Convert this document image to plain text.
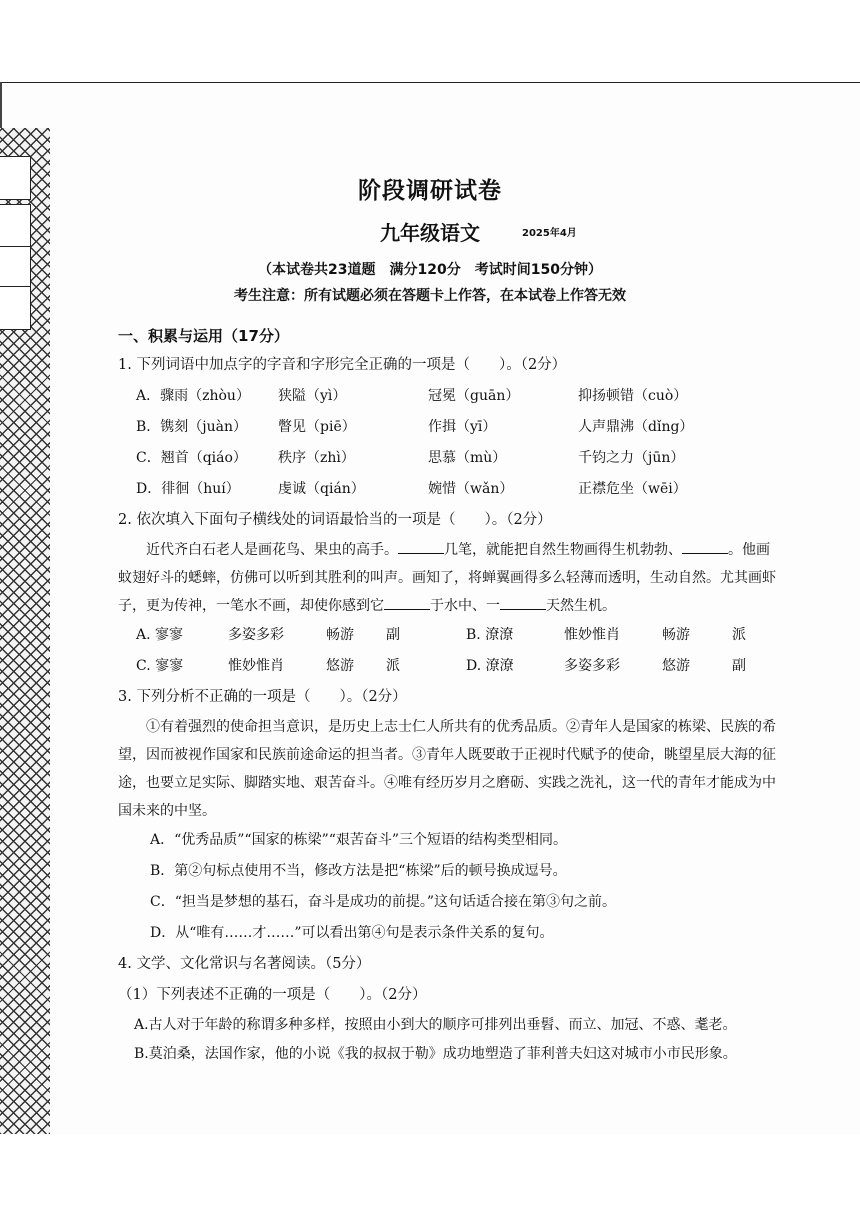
阶段调研试卷
九年级语文	2025年4月
（本试卷共23道题　满分120分　考试时间150分钟）
考生注意：所有试题必须在答题卡上作答，在本试卷上作答无效
一、积累与运用（17分）
1. 下列词语中加点字的字音和字形完全正确的一项是（　　）。（2分）
A．骤雨（zhòu）	狭隘（yì）	冠冕（guān）	抑扬顿错（cuò）
B．镌刻（juàn）	瞥见（piē）	作揖（yī）	人声鼎沸（dǐng）
C．翘首（qiáo）	秩序（zhì）	思慕（mù）	千钧之力（jūn）
D．徘徊（huí）	虔诚（qián）	婉惜（wǎn）	正襟危坐（wēi）
2. 依次填入下面句子横线处的词语最恰当的一项是（　　）。（2分）
近代齐白石老人是画花鸟、果虫的高手。	几笔，就能把自然生物画得生机勃勃、	。他画蚊翅好斗的蟋蟀，仿佛可以听到其胜利的叫声。画知了，将蝉翼画得多么轻薄而透明，生动自然。尤其画虾子，更为传神，一笔水不画，却使你感到它	于水中、一	天然生机。
A. 寥寥	多姿多彩	畅游	副	B. 潦潦	惟妙惟肖	畅游	派
C. 寥寥	惟妙惟肖	悠游	派	D. 潦潦	多姿多彩	悠游	副
3. 下列分析不正确的一项是（　　）。（2分）
①有着强烈的使命担当意识，是历史上志士仁人所共有的优秀品质。②青年人是国家的栋梁、民族的希望，因而被视作国家和民族前途命运的担当者。③青年人既要敢于正视时代赋予的使命，眺望星辰大海的征途，也要立足实际、脚踏实地、艰苦奋斗。④唯有经历岁月之磨砺、实践之洗礼，这一代的青年才能成为中国未来的中坚。
A．“优秀品质”“国家的栋梁”“艰苦奋斗”三个短语的结构类型相同。
B．第②句标点使用不当，修改方法是把“栋梁”后的顿号换成逗号。
C．“担当是梦想的基石，奋斗是成功的前提。”这句话适合接在第③句之前。
D．从“唯有……才……”可以看出第④句是表示条件关系的复句。
4. 文学、文化常识与名著阅读。（5分）
（1）下列表述不正确的一项是（　　）。（2分）
A.古人对于年龄的称谓多种多样，按照由小到大的顺序可排列出垂髫、而立、加冠、不惑、耄老。
B.莫泊桑，法国作家，他的小说《我的叔叔于勒》成功地塑造了菲利普夫妇这对城市小市民形象。
